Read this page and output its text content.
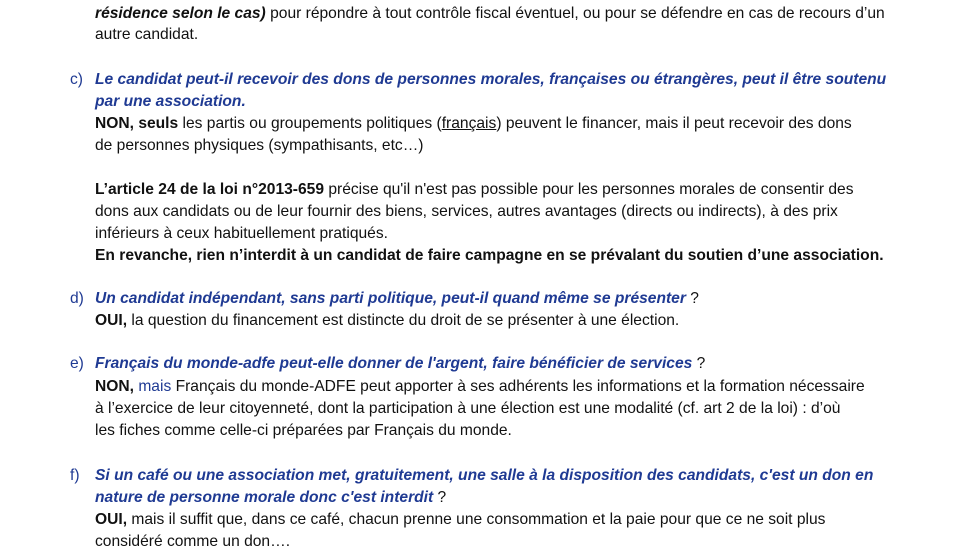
résidence selon le cas) pour répondre à tout contrôle fiscal éventuel, ou pour se défendre en cas de recours d’un
autre candidat.
c) Le candidat peut-il recevoir des dons de personnes morales, françaises ou étrangères, peut il être soutenu
par une association.
NON, seuls les partis ou groupements politiques (français) peuvent le financer, mais il peut recevoir des dons
de personnes physiques (sympathisants, etc…)
L’article 24 de la loi n°2013-659 précise qu'il n'est pas possible pour les personnes morales de consentir des
dons aux candidats ou de leur fournir des biens, services, autres avantages (directs ou indirects), à des prix
inférieurs à ceux habituellement pratiqués.
En revanche, rien n’interdit à un candidat de faire campagne en se prévalant du soutien d’une association.
d) Un candidat indépendant, sans parti politique, peut-il quand même se présenter ?
OUI, la question du financement est distincte du droit de se présenter à une élection.
e) Français du monde-adfe peut-elle donner de l'argent, faire bénéficier de services ?
NON, mais Français du monde-ADFE peut apporter à ses adhérents les informations et la formation nécessaire
à l’exercice de leur citoyenneté, dont la participation à une élection est une modalité (cf. art 2 de la loi) : d’où
les fiches comme celle-ci préparées par Français du monde.
f) Si un café ou une association met, gratuitement, une salle à la disposition des candidats, c'est un don en
nature de personne morale donc c'est interdit ?
OUI, mais il suffit que, dans ce café, chacun prenne une consommation et la paie pour que ce ne soit plus
considéré comme un don….
